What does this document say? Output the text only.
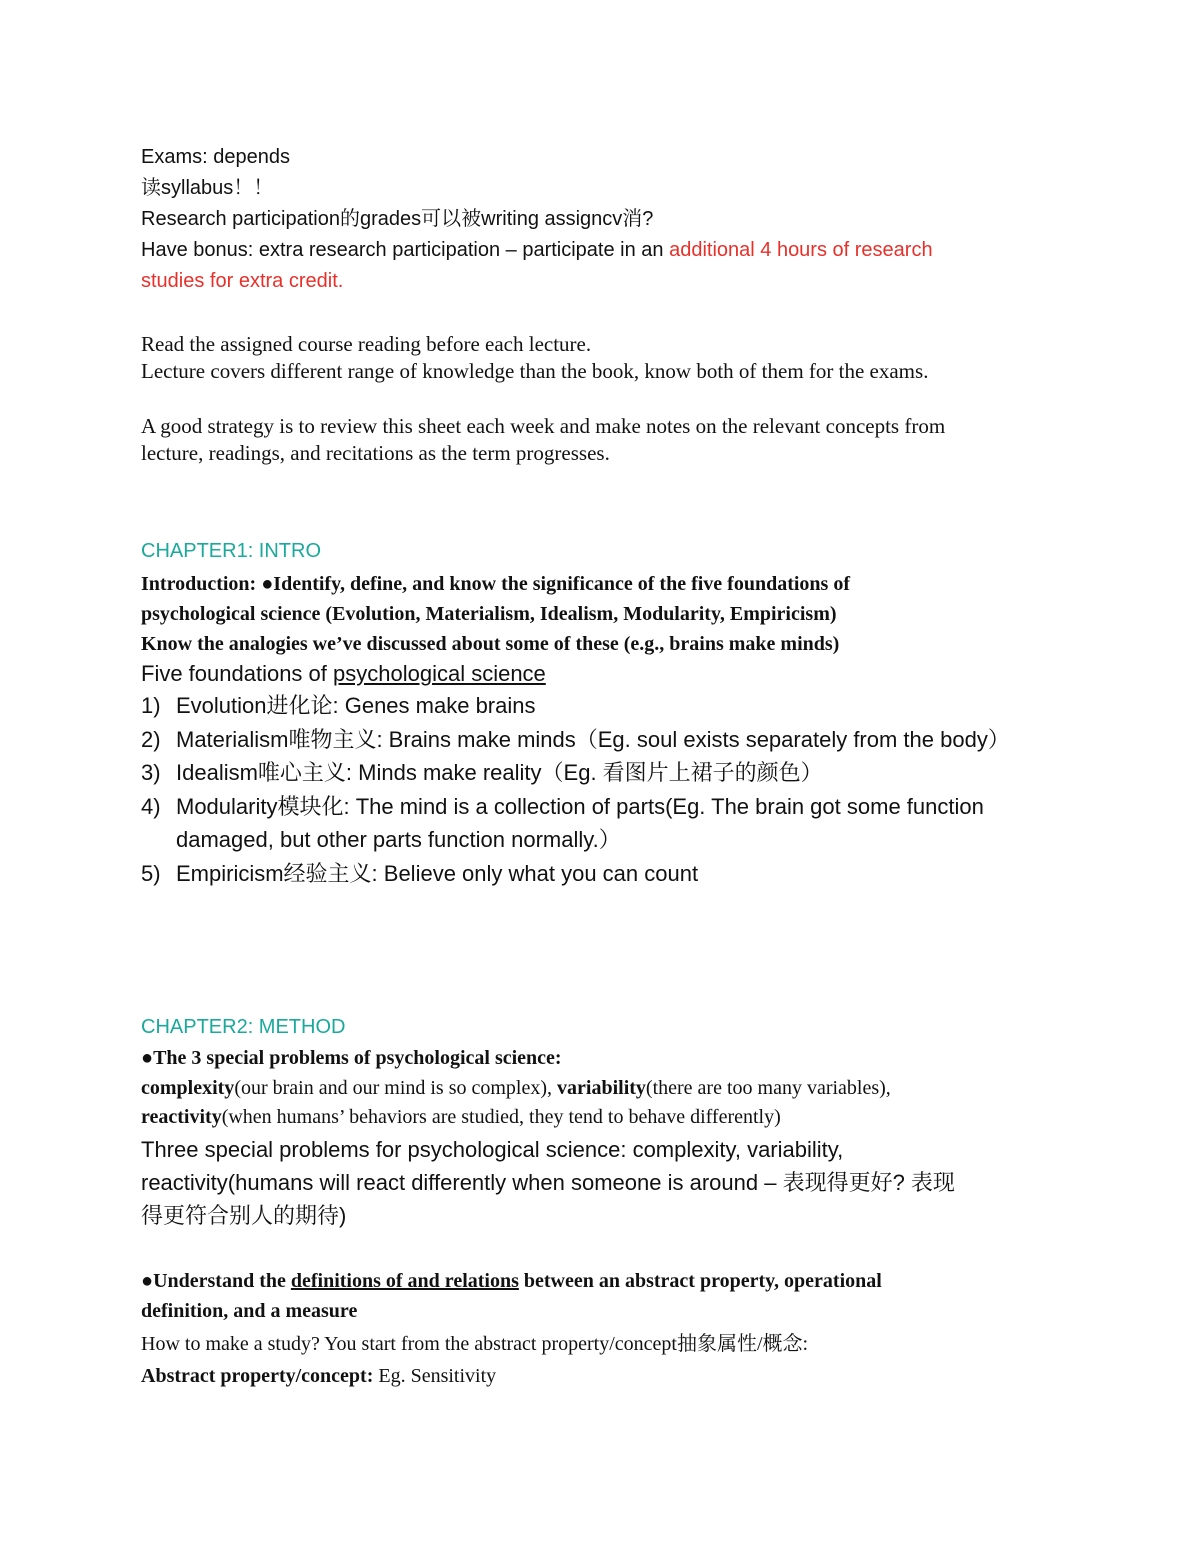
Exams: depends
读syllabus！！
Research participation的grades可以被writing assigncv消?
Have bonus: extra research participation – participate in an additional 4 hours of research
studies for extra credit.
Read the assigned course reading before each lecture.
Lecture covers different range of knowledge than the book, know both of them for the exams.
A good strategy is to review this sheet each week and make notes on the relevant concepts from
lecture, readings, and recitations as the term progresses.
CHAPTER1: INTRO
Introduction: ●Identify, define, and know the significance of the five foundations of
psychological science (Evolution, Materialism, Idealism, Modularity, Empiricism)
Know the analogies we’ve discussed about some of these (e.g., brains make minds)
Five foundations of psychological science
1) Evolution进化论: Genes make brains
2) Materialism唯物主义: Brains make minds（Eg. soul exists separately from the body）
3) Idealism唯心主义: Minds make reality（Eg. 看图片上裙子的颜色）
4) Modularity模块化: The mind is a collection of parts(Eg. The brain got some function damaged, but other parts function normally.）
5) Empiricism经验主义: Believe only what you can count
CHAPTER2: METHOD
●The 3 special problems of psychological science:
complexity(our brain and our mind is so complex), variability(there are too many variables),
reactivity(when humans’ behaviors are studied, they tend to behave differently)
Three special problems for psychological science: complexity, variability,
reactivity(humans will react differently when someone is around – 表现得更好? 表现
得更符合别人的期待)
●Understand the definitions of and relations between an abstract property, operational
definition, and a measure
How to make a study? You start from the abstract property/concept抽象属性/概念:
Abstract property/concept: Eg. Sensitivity
